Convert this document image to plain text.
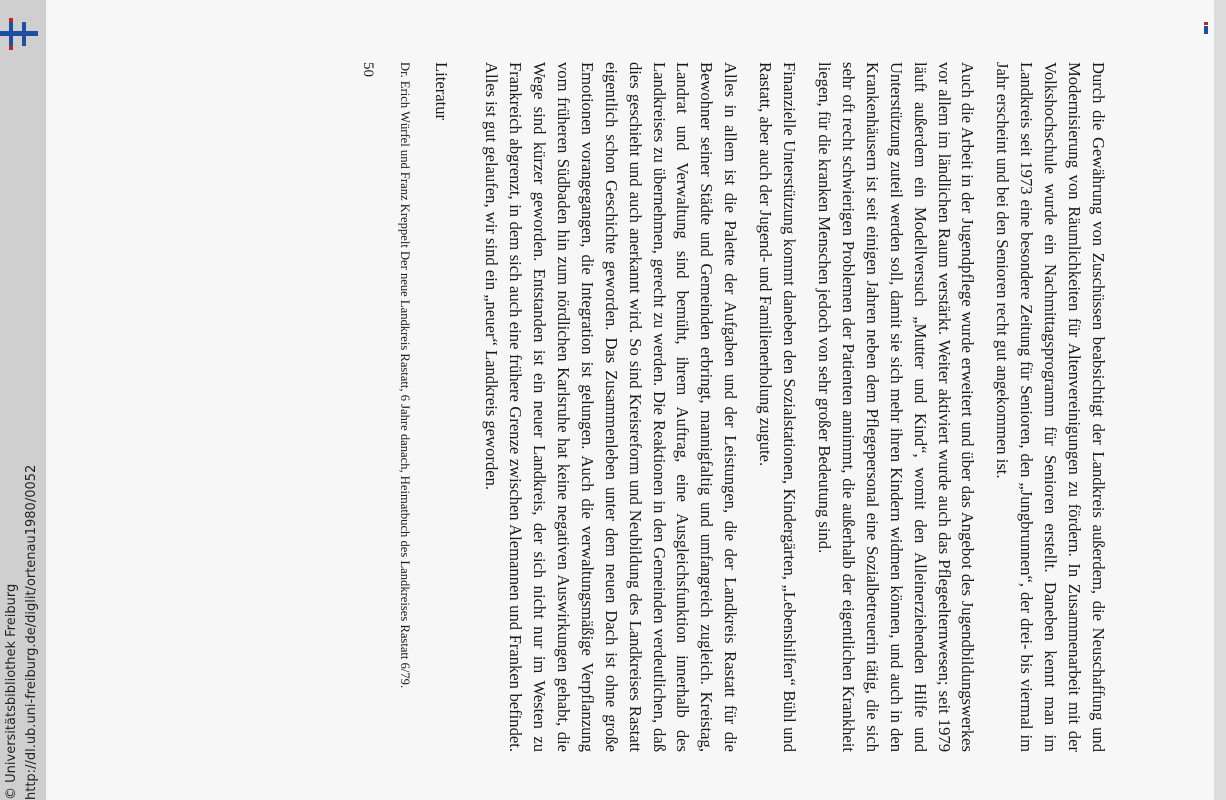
http://dl.ub.uni-freiburg.de/diglit/ortenau1980/0052
© Universitätsbibliothek Freiburg	Durch die Gewährung von Zuschüssen beabsichtigt der Landkreis außerdem, die Neuschaffung und Modernisierung von Räumlichkeiten für Altenvereinigungen zu fördern. In Zusammenarbeit mit der Volkshochschule wurde ein Nachmittagsprogramm für Senioren erstellt. Daneben kennt man im Landkreis seit 1973 eine besondere Zeitung für Senioren, den „Jungbrunnen“, der drei- bis viermal im Jahr erscheint und bei den Senioren recht gut angekommen ist.

Auch die Arbeit in der Jugendpflege wurde erweitert und über das Angebot des Jugendbildungswerkes vor allem im ländlichen Raum verstärkt. Weiter aktiviert wurde auch das Pflegeelternwesen; seit 1979 läuft außerdem ein Modellversuch „Mutter und Kind“, womit den Alleinerziehenden Hilfe und Unterstützung zuteil werden soll, damit sie sich mehr ihren Kindern widmen können, und auch in den Krankenhäusern ist seit einigen Jahren neben dem Pflegepersonal eine Sozialbetreuerin tätig, die sich sehr oft recht schwierigen Problemen der Patienten annimmt, die außerhalb der eigentlichen Krankheit liegen, für die kranken Menschen jedoch von sehr großer Bedeutung sind.

Finanzielle Unterstützung kommt daneben den Sozialstationen, Kindergärten, „Lebenshilfen“ Bühl und Rastatt, aber auch der Jugend- und Familienerholung zugute.

Alles in allem ist die Palette der Aufgaben und der Leistungen, die der Landkreis Rastatt für die Bewohner seiner Städte und Gemeinden erbringt, mannigfaltig und umfangreich zugleich. Kreistag, Landrat und Verwaltung sind bemüht, ihrem Auftrag, eine Ausgleichsfunktion innerhalb des Landkreises zu übernehmen, gerecht zu werden. Die Reaktionen in den Gemeinden verdeutlichen, daß dies geschieht und auch anerkannt wird. So sind Kreisreform und Neubildung des Landkreises Rastatt eigentlich schon Geschichte geworden. Das Zusammenleben unter dem neuen Dach ist ohne große Emotionen vorangegangen, die Integration ist gelungen. Auch die verwaltungsmäßige Verpflanzung vom früheren Südbaden hin zum nördlichen Karlsruhe hat keine negativen Auswirkungen gehabt, die Wege sind kürzer geworden. Entstanden ist ein neuer Landkreis, der sich nicht nur im Westen zu Frankreich abgrenzt, in dem sich auch eine frühere Grenze zwischen Alemannen und Franken befindet. Alles ist gut gelaufen, wir sind ein „neuer“ Landkreis geworden.

Literatur

Dr. Erich Würfel und Franz Kreppelt Der neue Landkreis Rastatt, 6 Jahre danach, Heimatbuch des Landkreises Rastatt 6/79.

50
